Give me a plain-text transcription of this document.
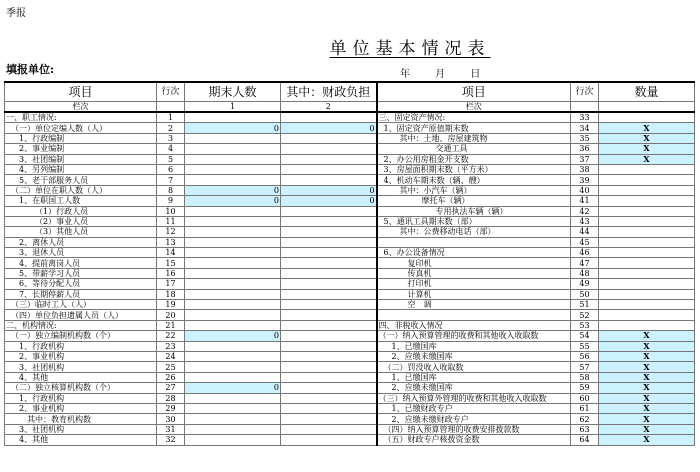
季报
单位基本情况表
填报单位:	年 月 日
项目	行次	期末人数	其中：财政负担	项目	行次	数量
栏次		1	2	栏次		
一、职工情况:	1			三、固定资产情况:	33	
（一）单位定编人数（人）	2	0	0	1、固定资产原值期末数	34	X
1、行政编制	3			其中：土地、房屋建筑物	35	X
2、事业编制	4			交通工具	36	X
3、社团编制	5			2、办公用房租金开支数	37	X
4、另列编制	6			3、房屋面积期末数（平方米）	38	
5、老干部服务人员	7			4、机动车期末数（辆、艘）	39	
（二）单位在职人数（人）	8	0	0	其中：小汽车（辆）	40	
1、在职国工人数	9	0	0	摩托车（辆）	41	
（1）行政人员	10			专用执法车辆（辆）	42	
（2）事业人员	11			5、通讯工具期末数（部）	43	
（3）其他人员	12			其中：公费移动电话（部）	44	
2、离休人员	13				45	
3、退休人员	14			6、办公设备情况	46	
4、提前离岗人员	15			复印机	47	
5、带薪学习人员	16			传真机	48	
6、等待分配人员	17			打印机	49	
7、长期停薪人员	18			计算机	50	
（三）临时工人（人）	19			空　调	51	
（四）单位负担遗属人员（人）	20				52	
二、机构情况:	21			四、非税收入情况	53	
（一）独立编制机构数（个）	22	0		（一）纳入预算管理的收费和其他收入收取数	54	X
1、行政机构	23			1、已缴国库	55	X
2、事业机构	24			2、应缴未缴国库	56	X
3、社团机构	25			（二）罚没收入收取数	57	X
4、其他	26			1、已缴国库	58	X
（二）独立核算机构数（个）	27	0		2、应缴未缴国库	59	X
1、行政机构	28			（三）纳入预算外管理的收费和其他收入收取数	60	X
2、事业机构	29			1、已缴财政专户	61	X
其中：教育机构数	30			2、应缴未缴财政专户	62	X
3、社团机构	31			（四）纳入预算管理的收费安排拨款数	63	X
4、其他	32			（五）财政专户核拨资金数	64	X
